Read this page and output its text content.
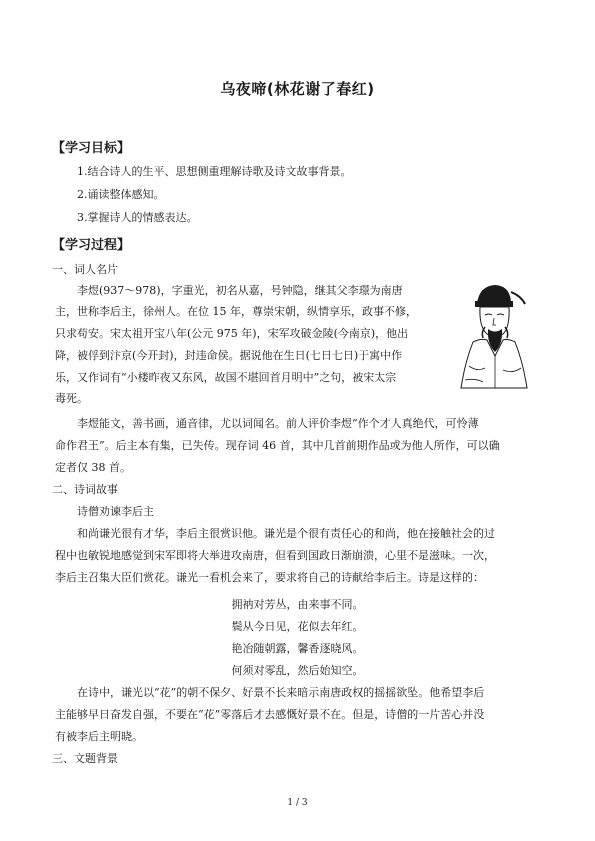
乌夜啼(林花谢了春红)
【学习目标】
1.结合诗人的生平、思想侧重理解诗歌及诗文故事背景。
2.诵读整体感知。
3.掌握诗人的情感表达。
【学习过程】
一、词人名片
李煜(937～978)，字重光，初名从嘉，号钟隐，继其父李璟为南唐
主，世称李后主，徐州人。在位 15 年，尊崇宋朝，纵情享乐，政事不修，
只求苟安。宋太祖开宝八年(公元 975 年)，宋军攻破金陵(今南京)，他出
降，被俘到汴京(今开封)，封违命侯。据说他在生日(七日七日)于寓中作
乐，又作词有“小楼昨夜又东风，故国不堪回首月明中”之句，被宋太宗
毒死。
李煜能文，善书画，通音律，尤以词闻名。前人评价李煜“作个才人真绝代，可怜薄
命作君王”。后主本有集，已失传。现存词 46 首，其中几首前期作品或为他人所作，可以确
定者仅 38 首。
二、诗词故事
诗僧劝谏李后主
和尚谦光很有才华，李后主很赏识他。谦光是个很有责任心的和尚，他在接触社会的过
程中也敏锐地感觉到宋军即将大举进攻南唐，但看到国政日渐崩溃，心里不是滋味。一次，
李后主召集大臣们赏花。谦光一看机会来了，要求将自己的诗献给李后主。诗是这样的：
拥衲对芳丛，由来事不同。
鬓从今日见，花似去年红。
艳冶随朝露，馨香逐晓风。
何须对零乱，然后始知空。
在诗中，谦光以“花”的朝不保夕、好景不长来暗示南唐政权的摇摇欲坠。他希望李后
主能够早日奋发自强，不要在“花”零落后才去感慨好景不在。但是，诗僧的一片苦心并没
有被李后主明晓。
三、文题背景
1 / 3
